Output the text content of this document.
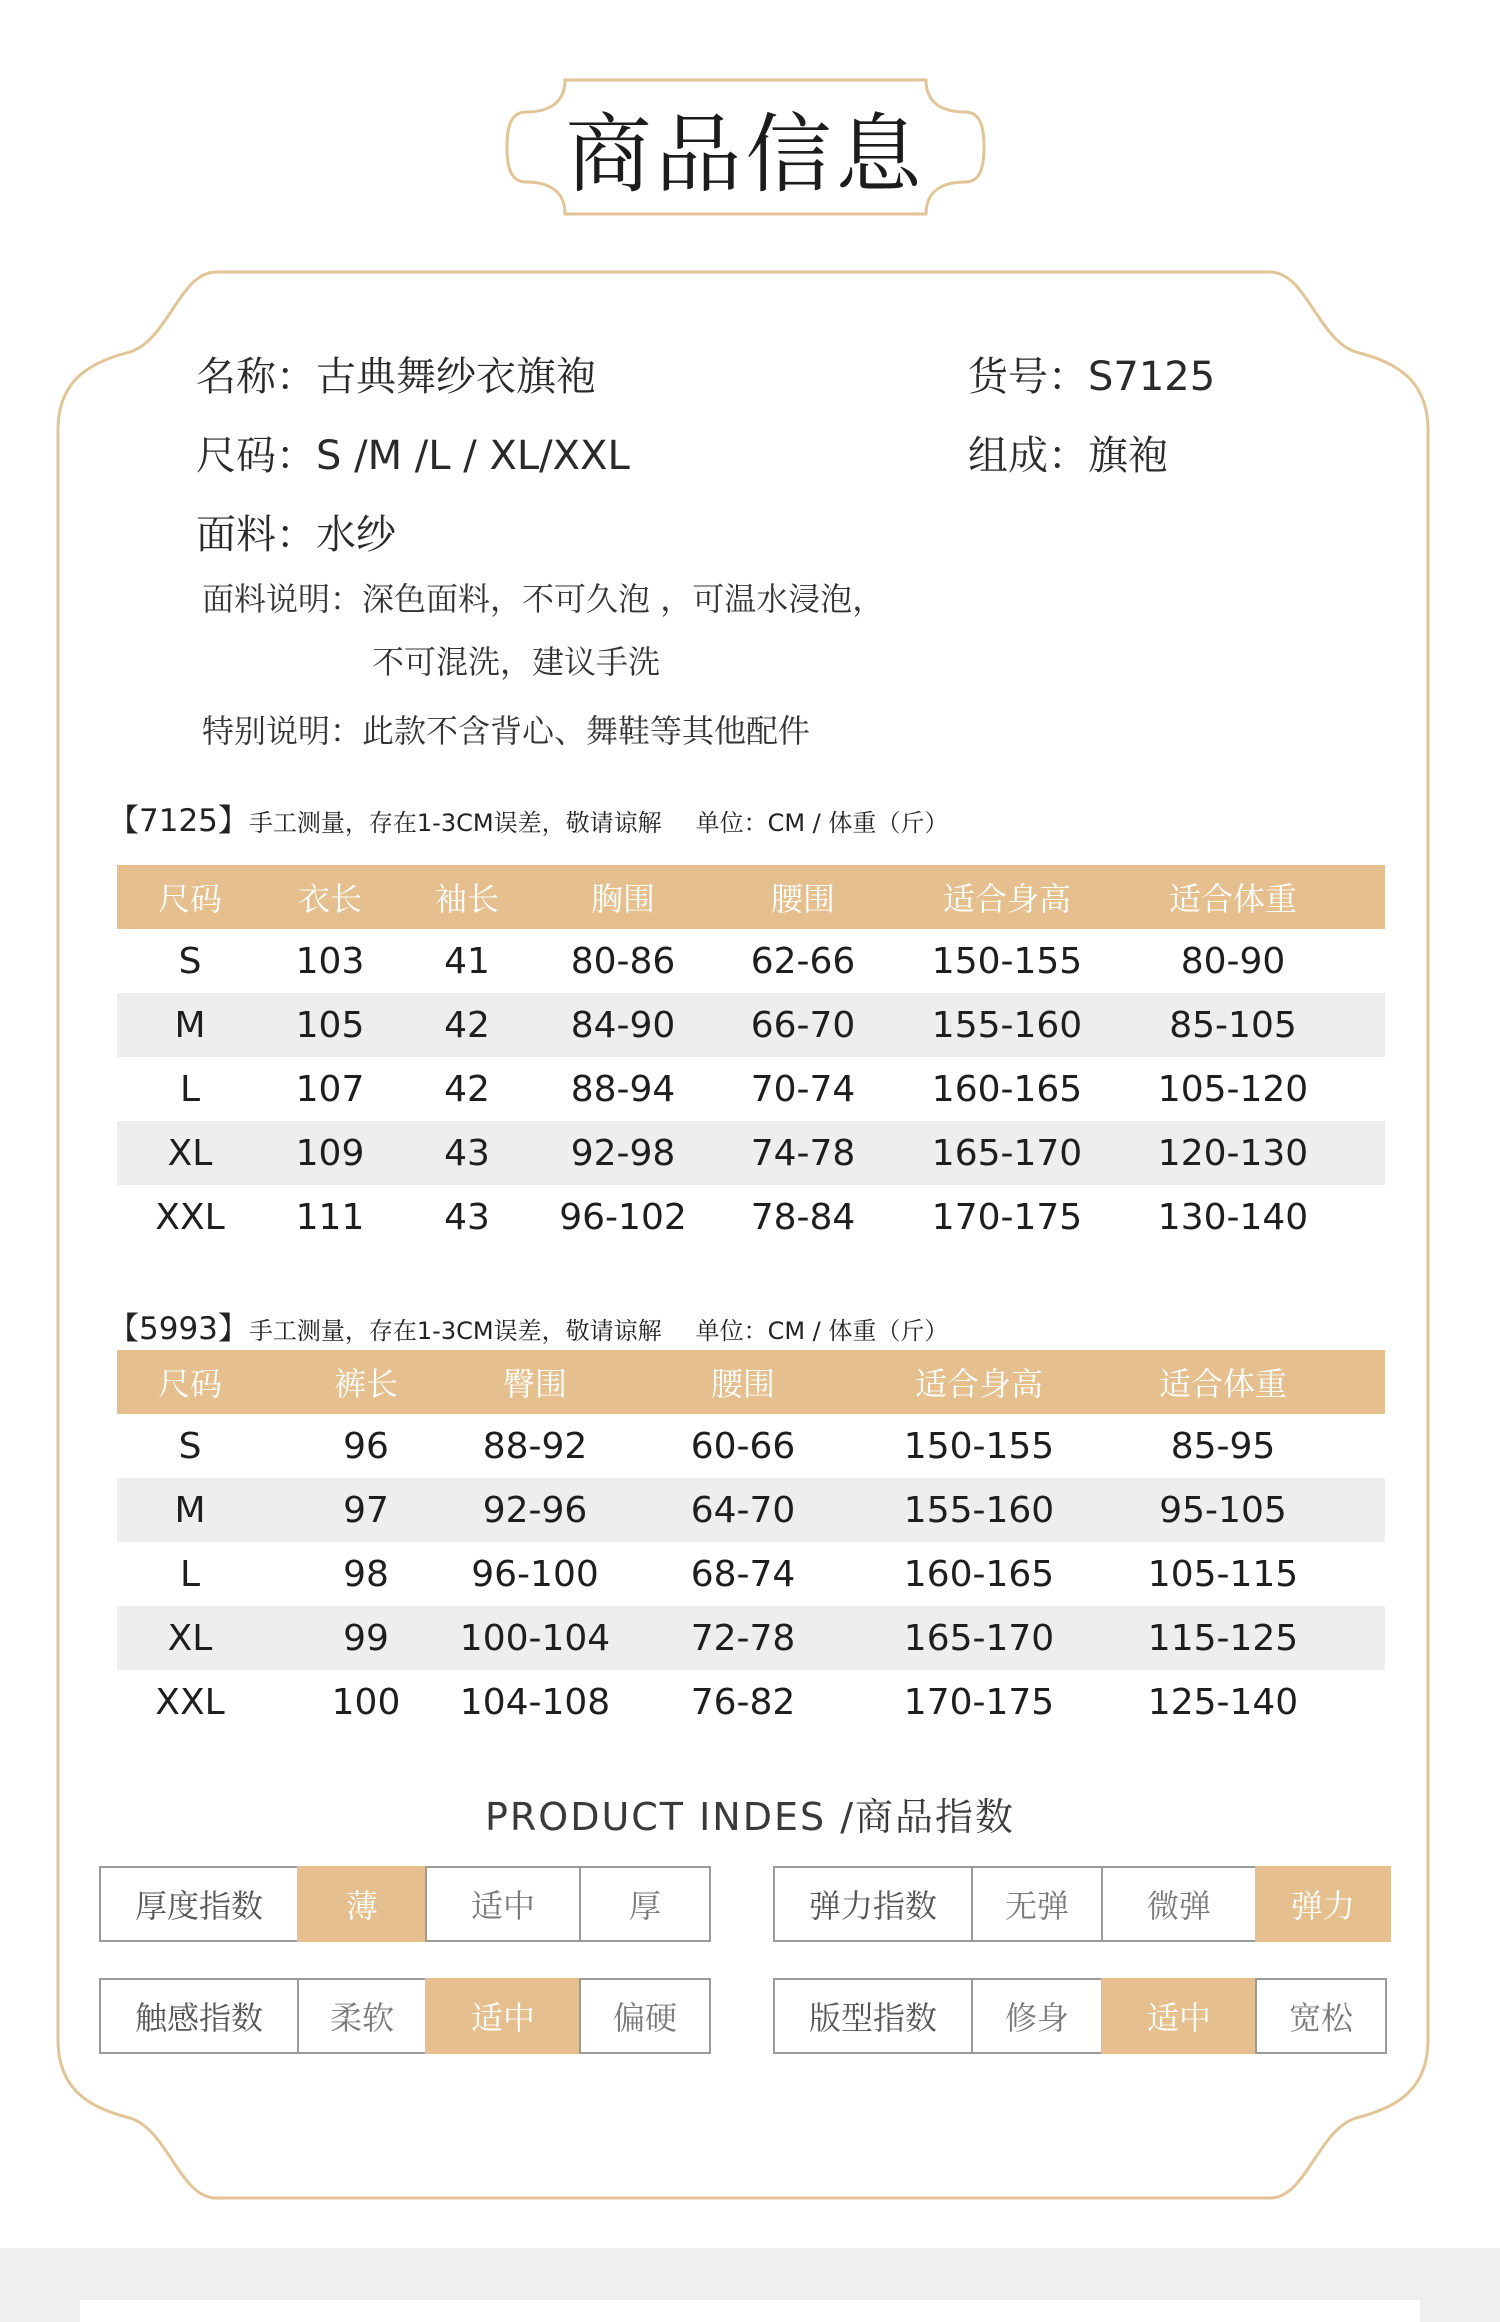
商品信息
名称：古典舞纱衣旗袍	货号：S7125
尺码：S /M /L / XL/XXL	组成：旗袍
面料：水纱
面料说明：深色面料，不可久泡 ，可温水浸泡，
不可混洗，建议手洗
特别说明：此款不含背心、舞鞋等其他配件
【7125】手工测量，存在1-3CM误差，敬请谅解 单位：CM / 体重（斤）
尺码 衣长 袖长	胸围	腰围	适合身高	适合体重
S	103 41 80-86 62-66 150-155	80-90
M	105 42 84-90 66-70 155-160 85-105
L	107 42 88-94 70-74 160-165 105-120
XL 109 43 92-98 74-78 165-170 120-130
XXL 111 43 96-102 78-84 170-175 130-140
【5993】手工测量，存在1-3CM误差，敬请谅解 单位：CM / 体重（斤）
尺码	裤长	臀围	腰围	适合身高	适合体重
S	96	88-92	60-66	150-155	85-95
M	97	92-96	64-70	155-160	95-105
L	98 96-100	68-74	160-165	105-115
XL	99 100-104 72-78	165-170	115-125
XXL	100 104-108 76-82	170-175	125-140
PRODUCT INDES /商品指数
厚度指数	薄	适中	厚	弹力指数	无弹	微弹	弹力
触感指数	柔软	适中	偏硬	版型指数	修身	适中	宽松
